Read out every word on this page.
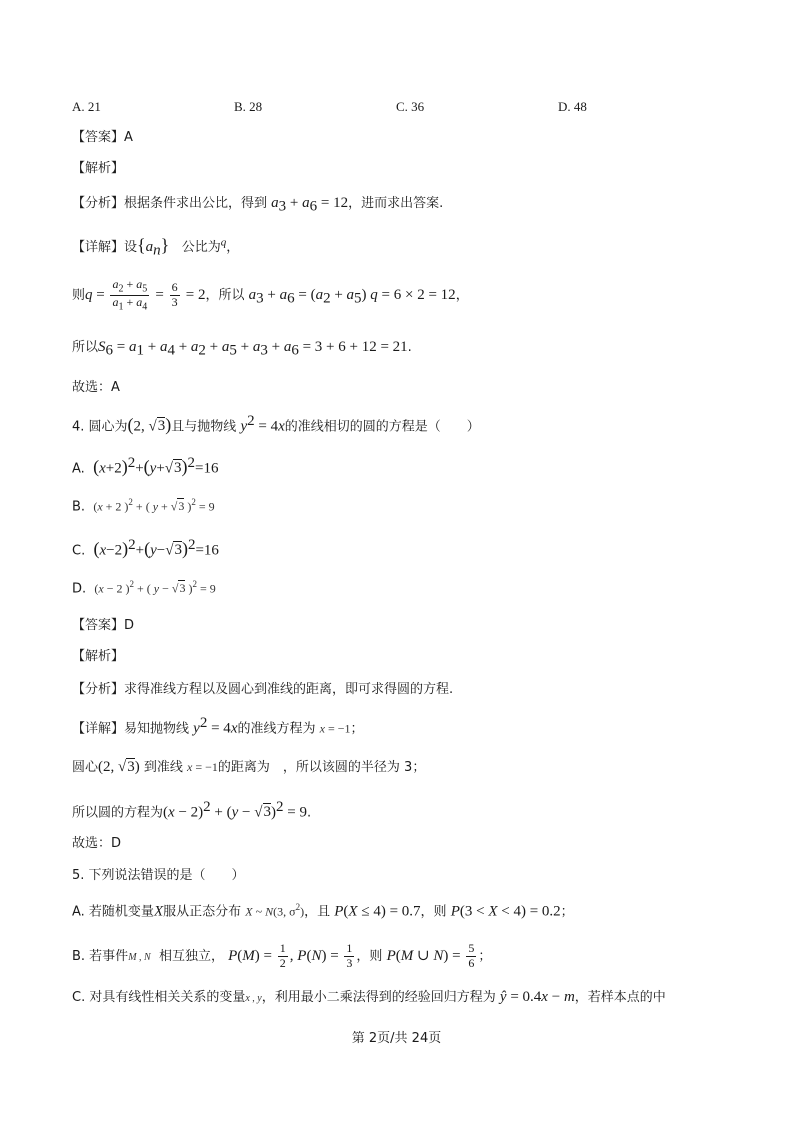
A. 21	B. 28	C. 36	D. 48
【答案】A
【解析】
【分析】根据条件求出公比，得到 $a_3 + a_6 = 12$，进而求出答案.
【详解】设$\{a_n\}$ 公比为$^q$，
则$q = \frac{a_2 + a_5}{a_1 + a_4} = \frac{6}{3} = 2$，所以 $a_3 + a_6 = (a_2 + a_5) q = 6 \times 2 = 12$，
所以$S_6 = a_1 + a_4 + a_2 + a_5 + a_3 + a_6 = 3 + 6 + 12 = 21$.
故选：A
4. 圆心为(2, √3)且与抛物线 $y^2 = 4x$的准线相切的圆的方程是（　　）
A. $(x+2)^2+(y+√3)^2=16$
B. (x + 2 )$^2$ + ( y + √3 )$^2$ = 9
C. $(x-2)^2+(y-√3)^2=16$
D. (x − 2 )$^2$ + ( y − √3 )$^2$ = 9
【答案】D
【解析】
【分析】求得准线方程以及圆心到准线的距离，即可求得圆的方程.
【详解】易知抛物线 $y^2 = 4x$的准线方程为 x = −1；
圆心(2, √3) 到准线 x = −1的距离为　，所以该圆的半径为 3；
所以圆的方程为$(x - 2)^2 + (y - √3)^2 = 9$.
故选：D
5. 下列说法错误的是（　　）
A. 若随机变量X服从正态分布 X ~ N(3, $\sigma^2$)，且 P(X ≤ 4) = 0.7，则 P(3 < X < 4) = 0.2；
B. 若事件M , N 相互独立， $P(M) = \frac{1}{2}$ , $P(N) = \frac{1}{3}$ ，则 P(M ∪ $N) = \frac{5}{6}$ ；
C. 对具有线性相关关系的变量x , y，利用最小二乘法得到的经验回归方程为 ŷ = 0.4x − m，若样本点的中
第 2页/共 24页
